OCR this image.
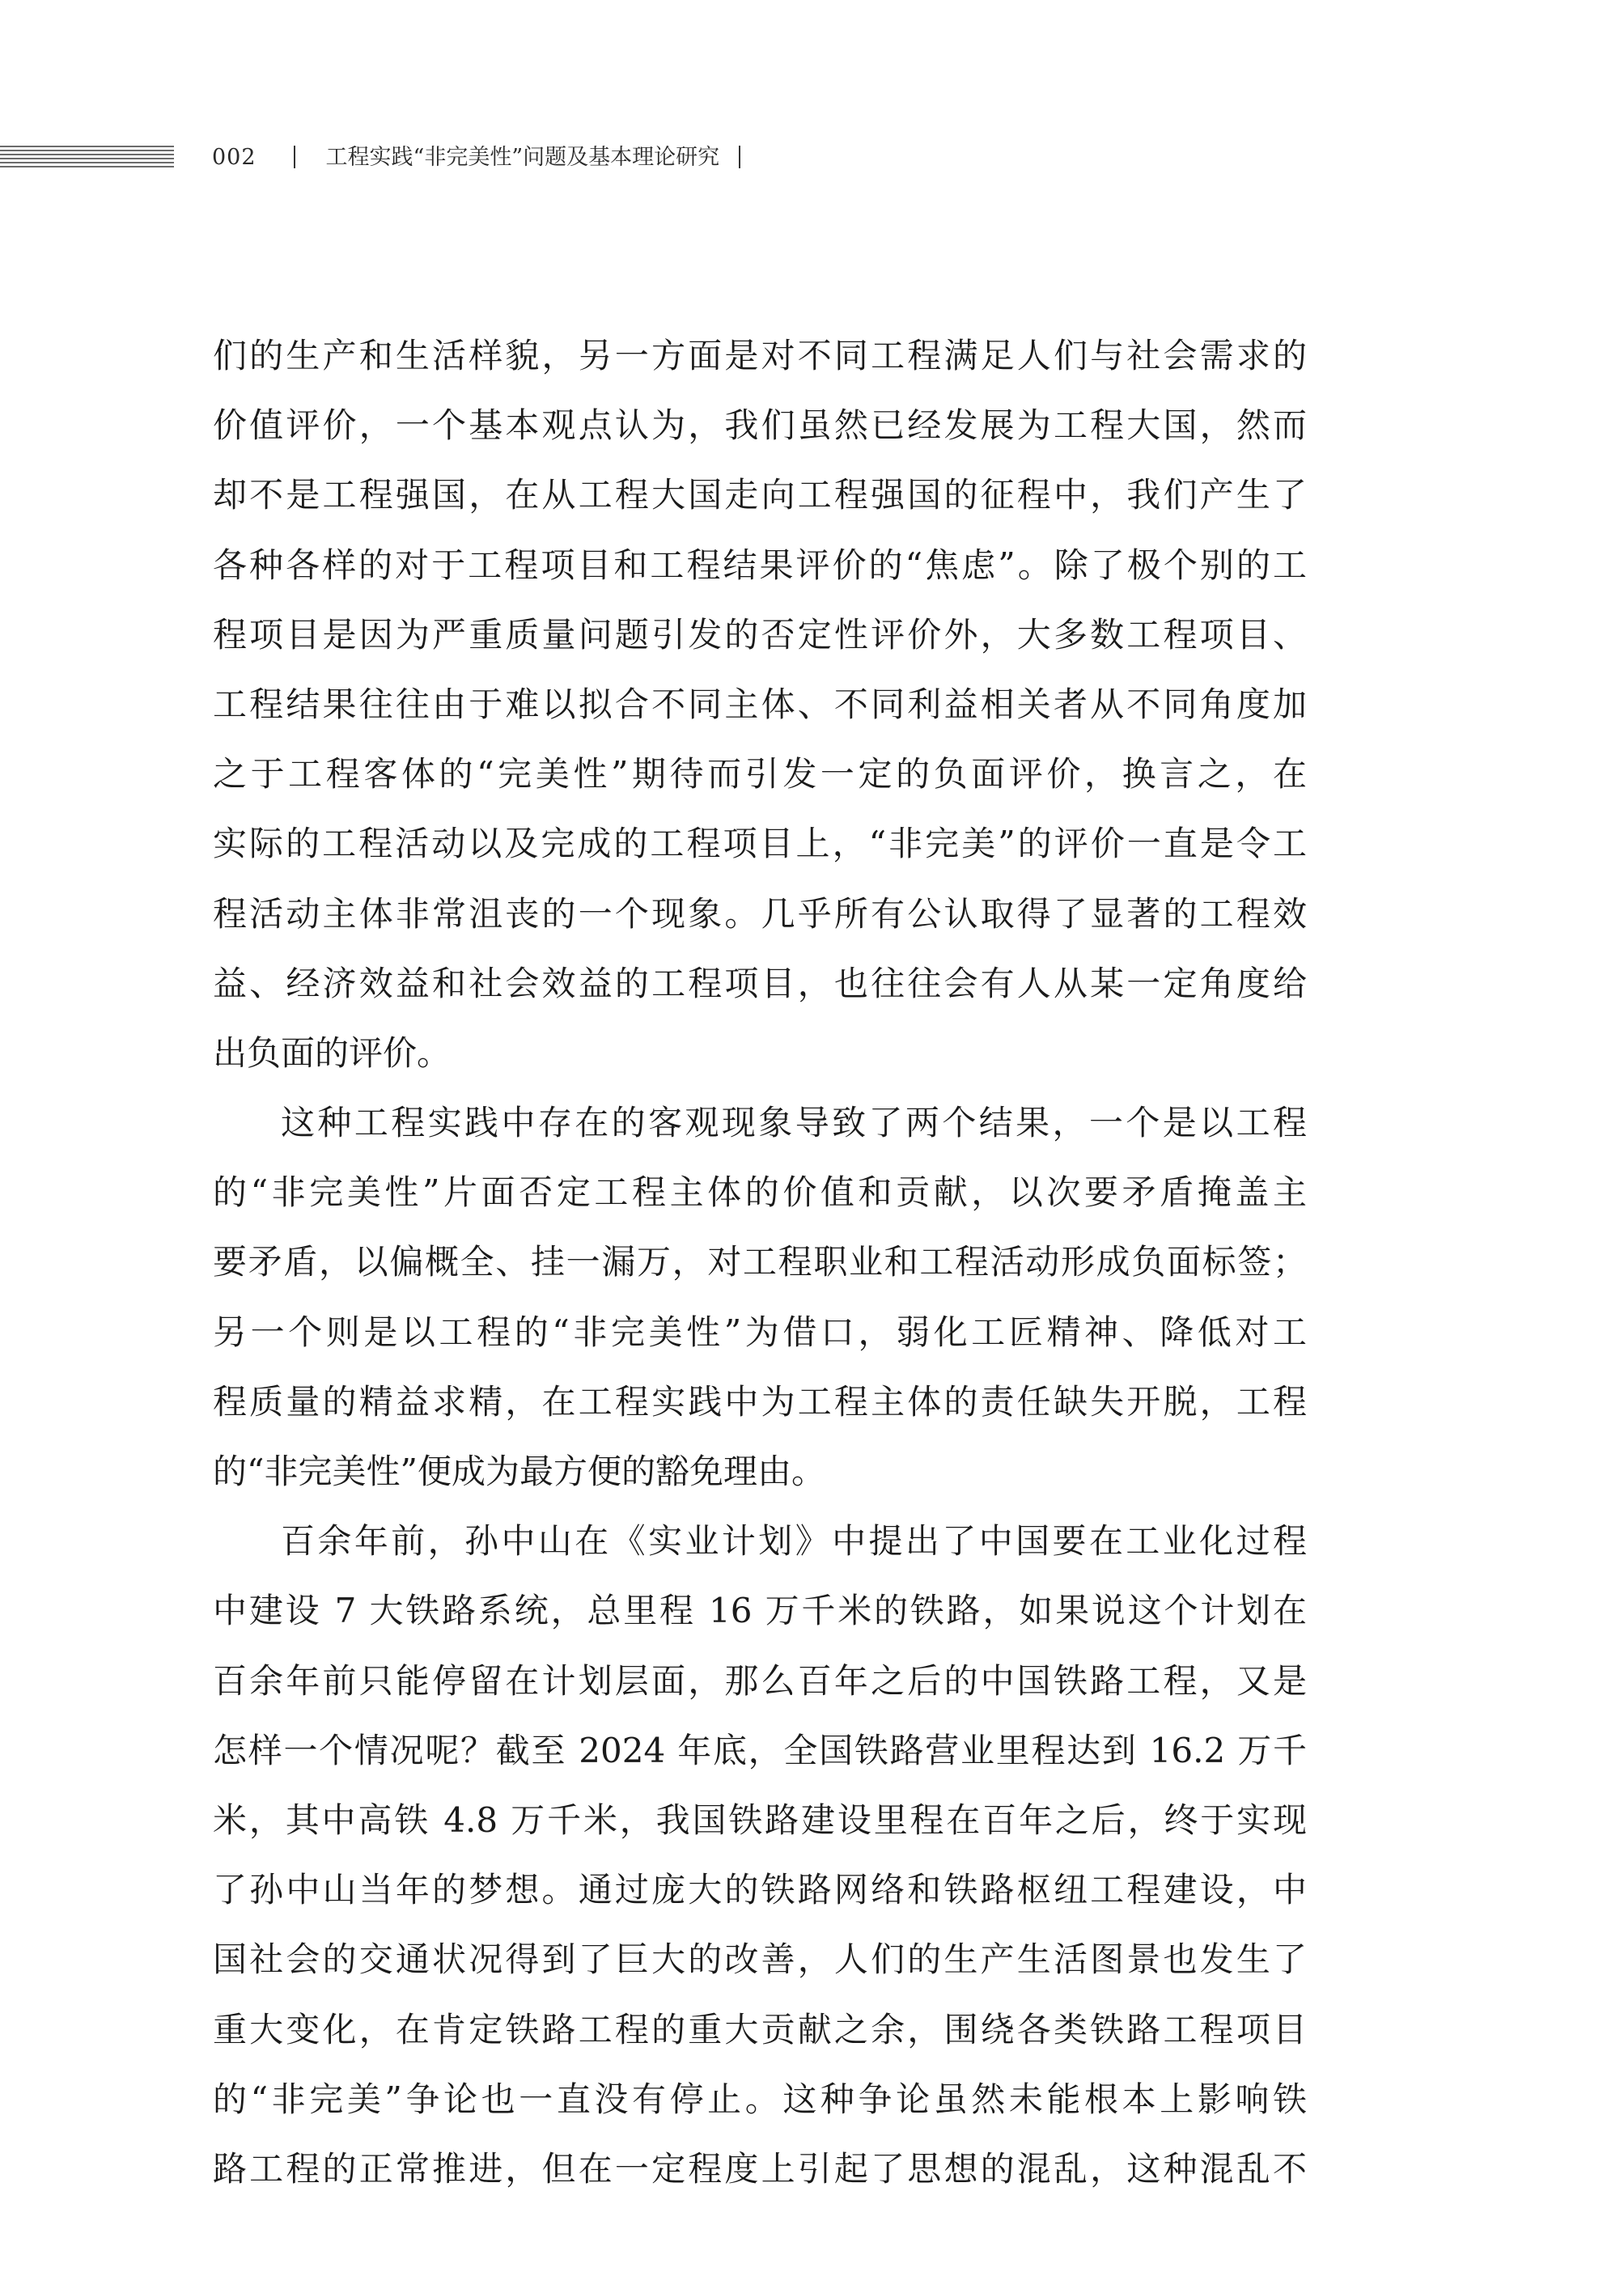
002	工程实践“非完美性”问题及基本理论研究
们的生产和生活样貌，另一方面是对不同工程满足人们与社会需求的
价值评价，一个基本观点认为，我们虽然已经发展为工程大国，然而
却不是工程强国，在从工程大国走向工程强国的征程中，我们产生了
各种各样的对于工程项目和工程结果评价的“焦虑”。除了极个别的工
程项目是因为严重质量问题引发的否定性评价外，大多数工程项目、
工程结果往往由于难以拟合不同主体、不同利益相关者从不同角度加
之于工程客体的“完美性”期待而引发一定的负面评价，换言之，在
实际的工程活动以及完成的工程项目上，“非完美”的评价一直是令工
程活动主体非常沮丧的一个现象。几乎所有公认取得了显著的工程效
益、经济效益和社会效益的工程项目，也往往会有人从某一定角度给
出负面的评价。
这种工程实践中存在的客观现象导致了两个结果，一个是以工程
的“非完美性”片面否定工程主体的价值和贡献，以次要矛盾掩盖主
要矛盾，以偏概全、挂一漏万，对工程职业和工程活动形成负面标签；
另一个则是以工程的“非完美性”为借口，弱化工匠精神、降低对工
程质量的精益求精，在工程实践中为工程主体的责任缺失开脱，工程
的“非完美性”便成为最方便的豁免理由。
百余年前，孙中山在《实业计划》中提出了中国要在工业化过程
中建设 7 大铁路系统，总里程 16 万千米的铁路，如果说这个计划在
百余年前只能停留在计划层面，那么百年之后的中国铁路工程，又是
怎样一个情况呢？截至 2024 年底，全国铁路营业里程达到 16.2 万千
米，其中高铁 4.8 万千米，我国铁路建设里程在百年之后，终于实现
了孙中山当年的梦想。通过庞大的铁路网络和铁路枢纽工程建设，中
国社会的交通状况得到了巨大的改善，人们的生产生活图景也发生了
重大变化，在肯定铁路工程的重大贡献之余，围绕各类铁路工程项目
的“非完美”争论也一直没有停止。这种争论虽然未能根本上影响铁
路工程的正常推进，但在一定程度上引起了思想的混乱，这种混乱不
